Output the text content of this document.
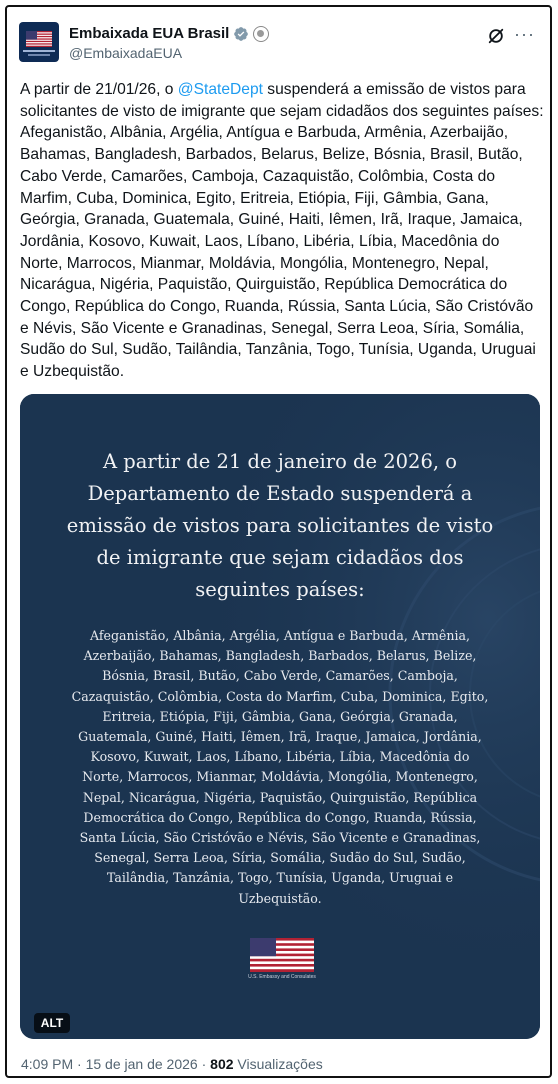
Embaixada EUA Brasil
@EmbaixadaEUA
···
A partir de 21/01/26, o @StateDept suspenderá a emissão de vistos para solicitantes de visto de imigrante que sejam cidadãos dos seguintes países: Afeganistão, Albânia, Argélia, Antígua e Barbuda, Armênia, Azerbaijão, Bahamas, Bangladesh, Barbados, Belarus, Belize, Bósnia, Brasil, Butão, Cabo Verde, Camarões, Camboja, Cazaquistão, Colômbia, Costa do Marfim, Cuba, Dominica, Egito, Eritreia, Etiópia, Fiji, Gâmbia, Gana, Geórgia, Granada, Guatemala, Guiné, Haiti, Iêmen, Irã, Iraque, Jamaica, Jordânia, Kosovo, Kuwait, Laos, Líbano, Libéria, Líbia, Macedônia do Norte, Marrocos, Mianmar, Moldávia, Mongólia, Montenegro, Nepal, Nicarágua, Nigéria, Paquistão, Quirguistão, República Democrática do Congo, República do Congo, Ruanda, Rússia, Santa Lúcia, São Cristóvão e Névis, São Vicente e Granadinas, Senegal, Serra Leoa, Síria, Somália, Sudão do Sul, Sudão, Tailândia, Tanzânia, Togo, Tunísia, Uganda, Uruguai e Uzbequistão.
A partir de 21 de janeiro de 2026, o Departamento de Estado suspenderá a emissão de vistos para solicitantes de visto de imigrante que sejam cidadãos dos seguintes países:
Afeganistão, Albânia, Argélia, Antígua e Barbuda, Armênia, Azerbaijão, Bahamas, Bangladesh, Barbados, Belarus, Belize, Bósnia, Brasil, Butão, Cabo Verde, Camarões, Camboja, Cazaquistão, Colômbia, Costa do Marfim, Cuba, Dominica, Egito, Eritreia, Etiópia, Fiji, Gâmbia, Gana, Geórgia, Granada, Guatemala, Guiné, Haiti, Iêmen, Irã, Iraque, Jamaica, Jordânia, Kosovo, Kuwait, Laos, Líbano, Libéria, Líbia, Macedônia do Norte, Marrocos, Mianmar, Moldávia, Mongólia, Montenegro, Nepal, Nicarágua, Nigéria, Paquistão, Quirguistão, República Democrática do Congo, República do Congo, Ruanda, Rússia, Santa Lúcia, São Cristóvão e Névis, São Vicente e Granadinas, Senegal, Serra Leoa, Síria, Somália, Sudão do Sul, Sudão, Tailândia, Tanzânia, Togo, Tunísia, Uganda, Uruguai e Uzbequistão.
U.S. Embassy and Consulates
ALT
4:09 PM · 15 de jan de 2026 · 802 Visualizações
